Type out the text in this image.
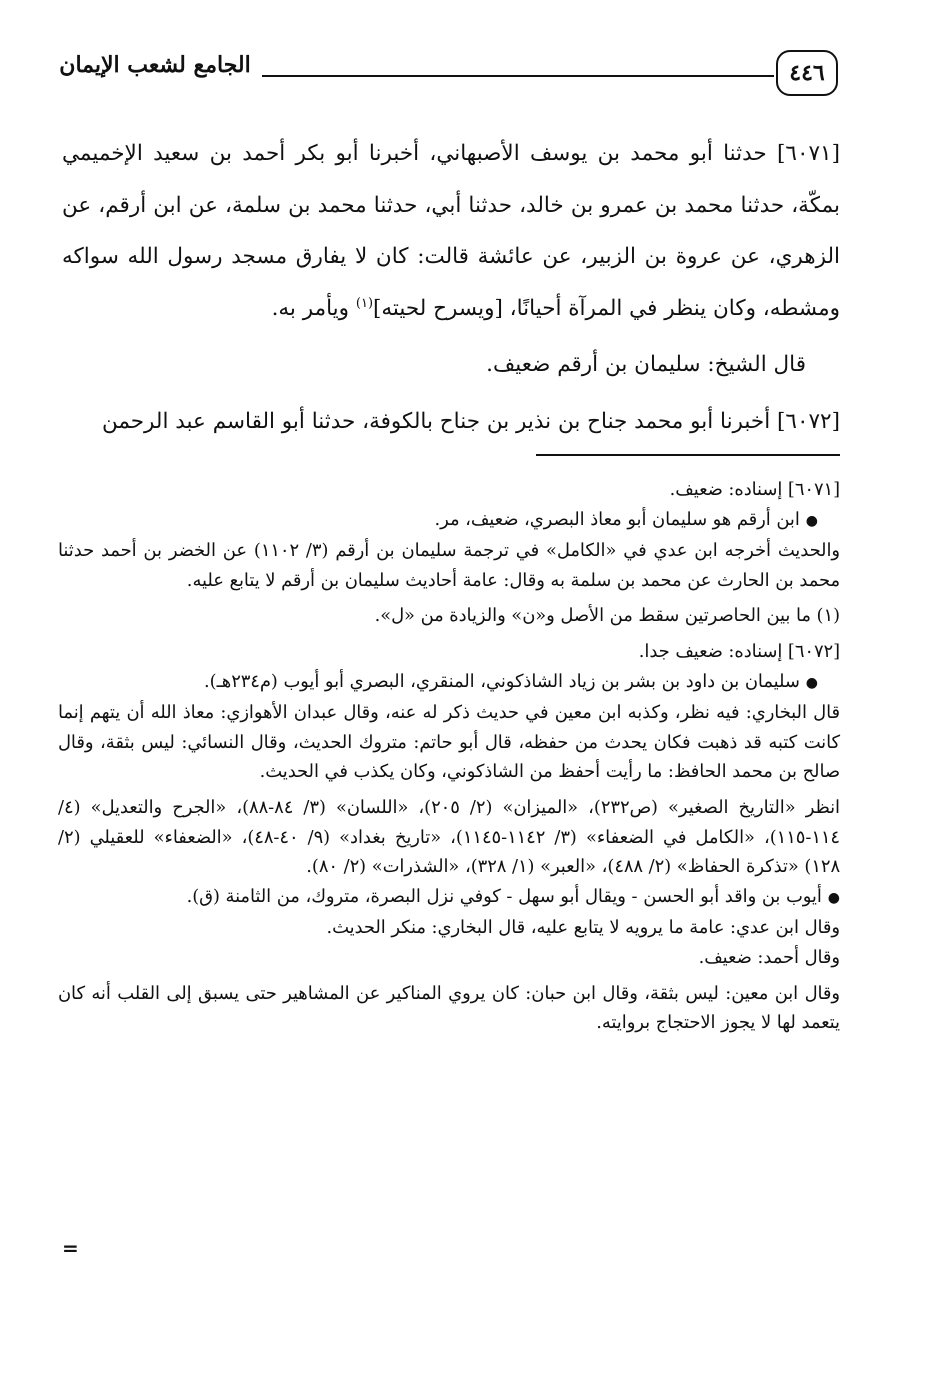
٤٤٦
الجامع لشعب الإيمان

[٦٠٧١] حدثنا أبو محمد بن يوسف الأصبهاني، أخبرنا أبو بكر أحمد بن سعيد الإخميمي بمكّة، حدثنا محمد بن عمرو بن خالد، حدثنا أبي، حدثنا محمد بن سلمة، عن ابن أرقم، عن الزهري، عن عروة بن الزبير، عن عائشة قالت: كان لا يفارق مسجد رسول الله سواكه ومشطه، وكان ينظر في المرآة أحيانًا، [ويسرح لحيته]$^{(١)}$ ويأمر به.

قال الشيخ: سليمان بن أرقم ضعيف.

[٦٠٧٢] أخبرنا أبو محمد جناح بن نذير بن جناح بالكوفة، حدثنا أبو القاسم عبد الرحمن

[٦٠٧١] إسناده: ضعيف.

●ابن أرقم هو سليمان أبو معاذ البصري، ضعيف، مر.

والحديث أخرجه ابن عدي في «الكامل» في ترجمة سليمان بن أرقم (٣/ ١١٠٢) عن الخضر بن أحمد حدثنا محمد بن الحارث عن محمد بن سلمة به وقال: عامة أحاديث سليمان بن أرقم لا يتابع عليه.

(١) ما بين الحاصرتين سقط من الأصل و«ن» والزيادة من «ل».

[٦٠٧٢] إسناده: ضعيف جدا.

●سليمان بن داود بن بشر بن زياد الشاذكوني، المنقري، البصري أبو أيوب (م٢٣٤هـ).

قال البخاري: فيه نظر، وكذبه ابن معين في حديث ذكر له عنه، وقال عبدان الأهوازي: معاذ الله أن يتهم إنما كانت كتبه قد ذهبت فكان يحدث من حفظه، قال أبو حاتم: متروك الحديث، وقال النسائي: ليس بثقة، وقال صالح بن محمد الحافظ: ما رأيت أحفظ من الشاذكوني، وكان يكذب في الحديث.

انظر «التاريخ الصغير» (ص٢٣٢)، «الميزان» (٢/ ٢٠٥)، «اللسان» (٣/ ٨٤-٨٨)، «الجرح والتعديل» (٤/ ١١٤-١١٥)، «الكامل في الضعفاء» (٣/ ١١٤٢-١١٤٥)، «تاريخ بغداد» (٩/ ٤٠-٤٨)، «الضعفاء» للعقيلي (٢/ ١٢٨) «تذكرة الحفاظ» (٢/ ٤٨٨)، «العبر» (١/ ٣٢٨)، «الشذرات» (٢/ ٨٠).

●أيوب بن واقد أبو الحسن - ويقال أبو سهل - كوفي نزل البصرة، متروك، من الثامنة (ق).

وقال ابن عدي: عامة ما يرويه لا يتابع عليه، قال البخاري: منكر الحديث.

وقال أحمد: ضعيف.

وقال ابن معين: ليس بثقة، وقال ابن حبان: كان يروي المناكير عن المشاهير حتى يسبق إلى القلب أنه كان يتعمد لها لا يجوز الاحتجاج بروايته.

=
